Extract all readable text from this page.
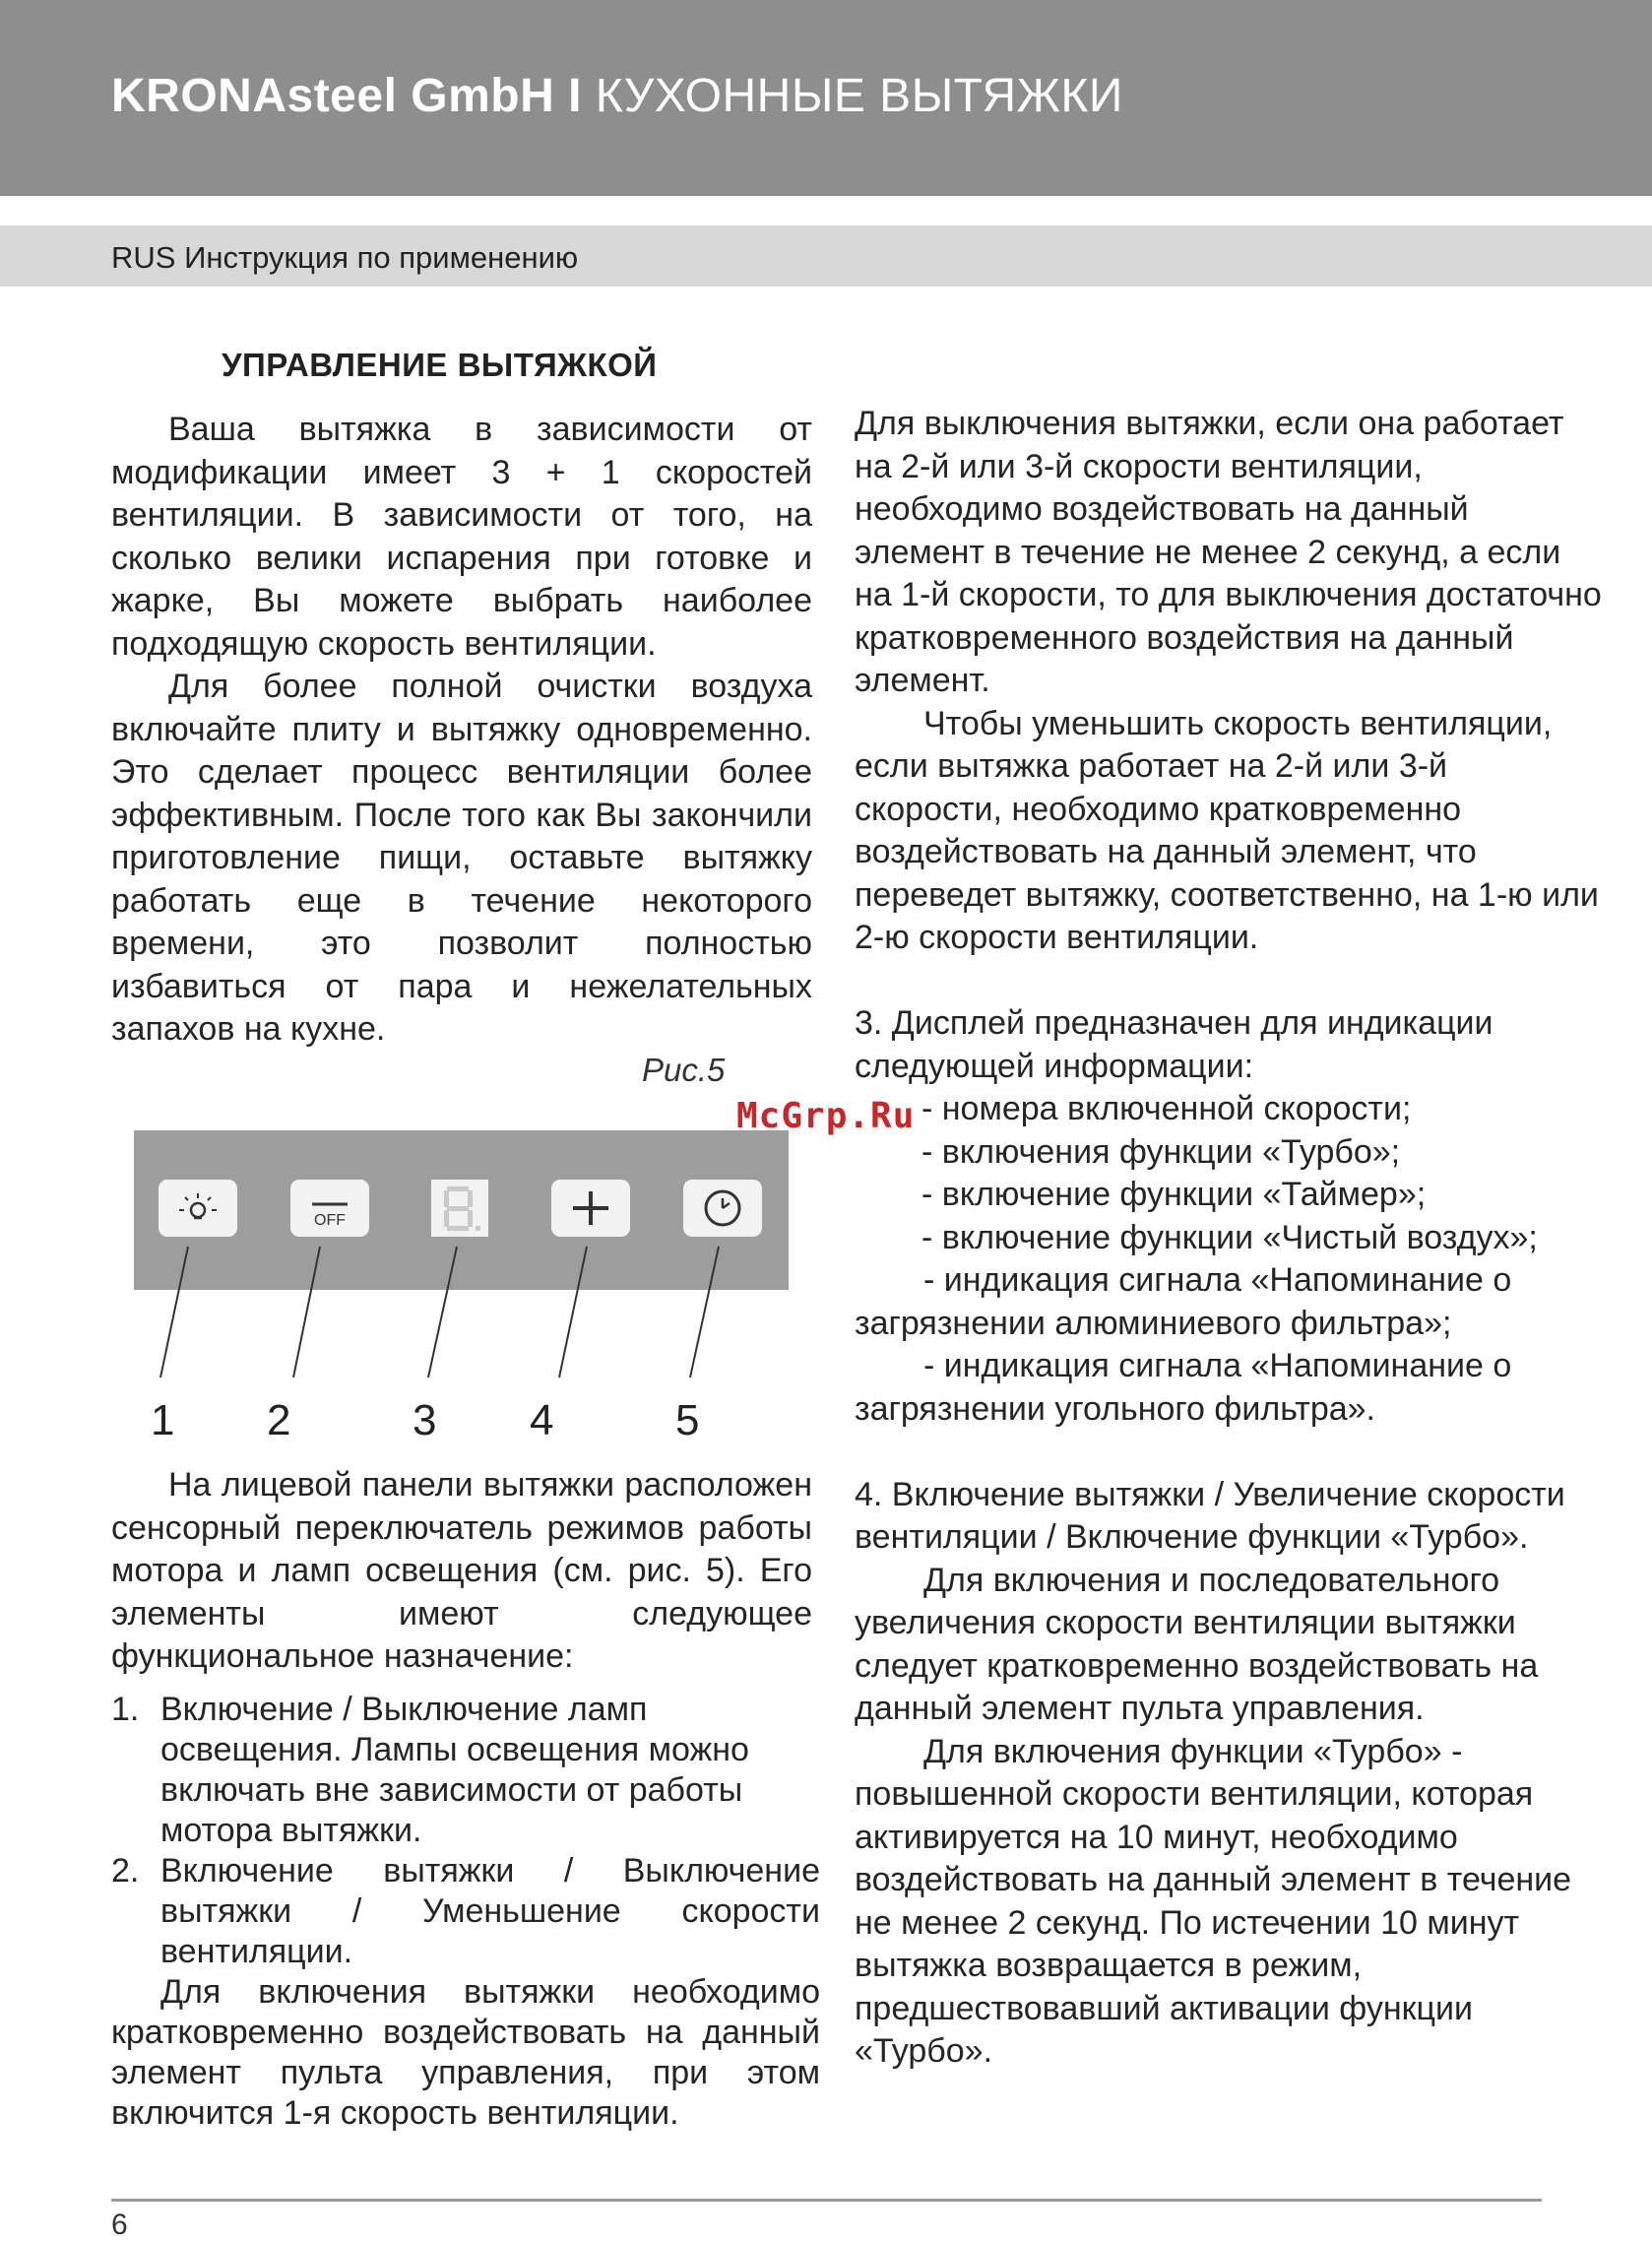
KRONAsteel GmbH I КУХОННЫЕ ВЫТЯЖКИ
RUS Инструкция по применению
УПРАВЛЕНИЕ ВЫТЯЖКОЙ

Ваша вытяжка в зависимости от модификации имеет 3 + 1 скоростей вентиляции. В зависимости от того, на сколько велики испарения при готовке и жарке, Вы можете выбрать наиболее подходящую скорость вентиляции.

Для более полной очистки воздуха включайте плиту и вытяжку одновременно. Это сделает процесс вентиляции более эффективным. После того как Вы закончили приготовление пищи, оставьте вытяжку работать еще в течение некоторого времени, это позволит полностью избавиться от пара и нежелательных запахов на кухне.

Рис.5
OFF
1 2	3 4	5

На лицевой панели вытяжки расположен сенсорный переключатель режимов работы мотора и ламп освещения (см. рис. 5). Его элементы имеют следующее функциональное назначение:

1. Включение / Выключение ламп освещения. Лампы освещения можно включать вне зависимости от работы мотора вытяжки.

2. Включение вытяжки / Выключение вытяжки / Уменьшение скорости вентиляции.

Для включения вытяжки необходимо кратковременно воздействовать на данный элемент пульта управления, при этом включится 1-я скорость вентиляции.

Для выключения вытяжки, если она работает на 2-й или 3-й скорости вентиляции, необходимо воздействовать на данный элемент в течение не менее 2 секунд, а если на 1-й скорости, то для выключения достаточно кратковременного воздействия на данный элемент.

Чтобы уменьшить скорость вентиляции, если вытяжка работает на 2-й или 3-й скорости, необходимо кратковременно воздействовать на данный элемент, что переведет вытяжку, соответственно, на 1-ю или 2-ю скорости вентиляции.

3. Дисплей предназначен для индикации следующей информации:

- номера включенной скорости;

- включения функции «Турбо»;

- включение функции «Таймер»;

- включение функции «Чистый воздух»;

- индикация сигнала «Напоминание о загрязнении алюминиевого фильтра»;

- индикация сигнала «Напоминание о загрязнении угольного фильтра».

4. Включение вытяжки / Увеличение скорости вентиляции / Включение функции «Турбо».

Для включения и последовательного увеличения скорости вентиляции вытяжки следует кратковременно воздействовать на данный элемент пульта управления.

Для включения функции «Турбо» - повышенной скорости вентиляции, которая активируется на 10 минут, необходимо воздействовать на данный элемент в течение не менее 2 секунд. По истечении 10 минут вытяжка возвращается в режим, предшествовавший активации функции «Турбо».

McGrp.Ru
6
